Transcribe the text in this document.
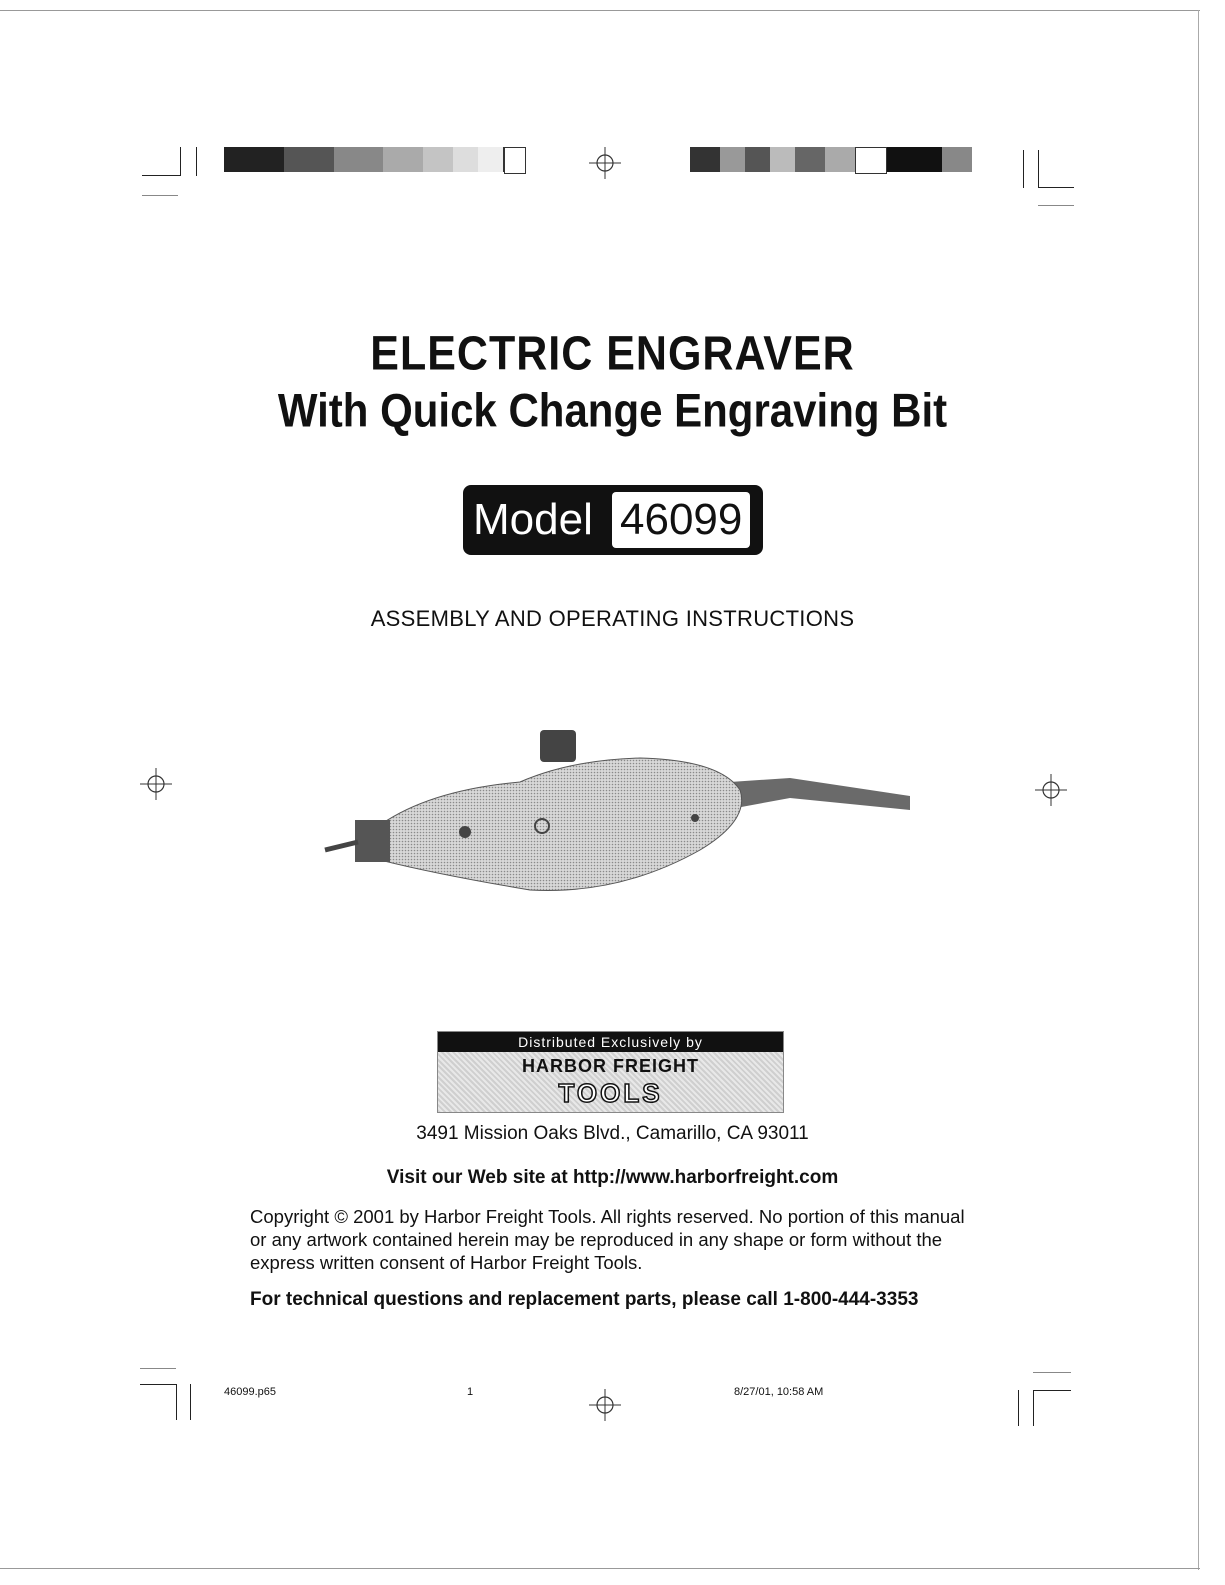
ELECTRIC ENGRAVER
With Quick Change Engraving Bit
Model 46099
ASSEMBLY AND OPERATING INSTRUCTIONS
Distributed Exclusively by
HARBOR FREIGHT
TOOLS
3491 Mission Oaks Blvd., Camarillo, CA 93011
Visit our Web site at http://www.harborfreight.com
Copyright © 2001 by Harbor Freight Tools. All rights reserved. No portion of this manual or any artwork contained herein may be reproduced in any shape or form without the express written consent of Harbor Freight Tools.
For technical questions and replacement parts, please call 1-800-444-3353
46099.p65	1	8/27/01, 10:58 AM
